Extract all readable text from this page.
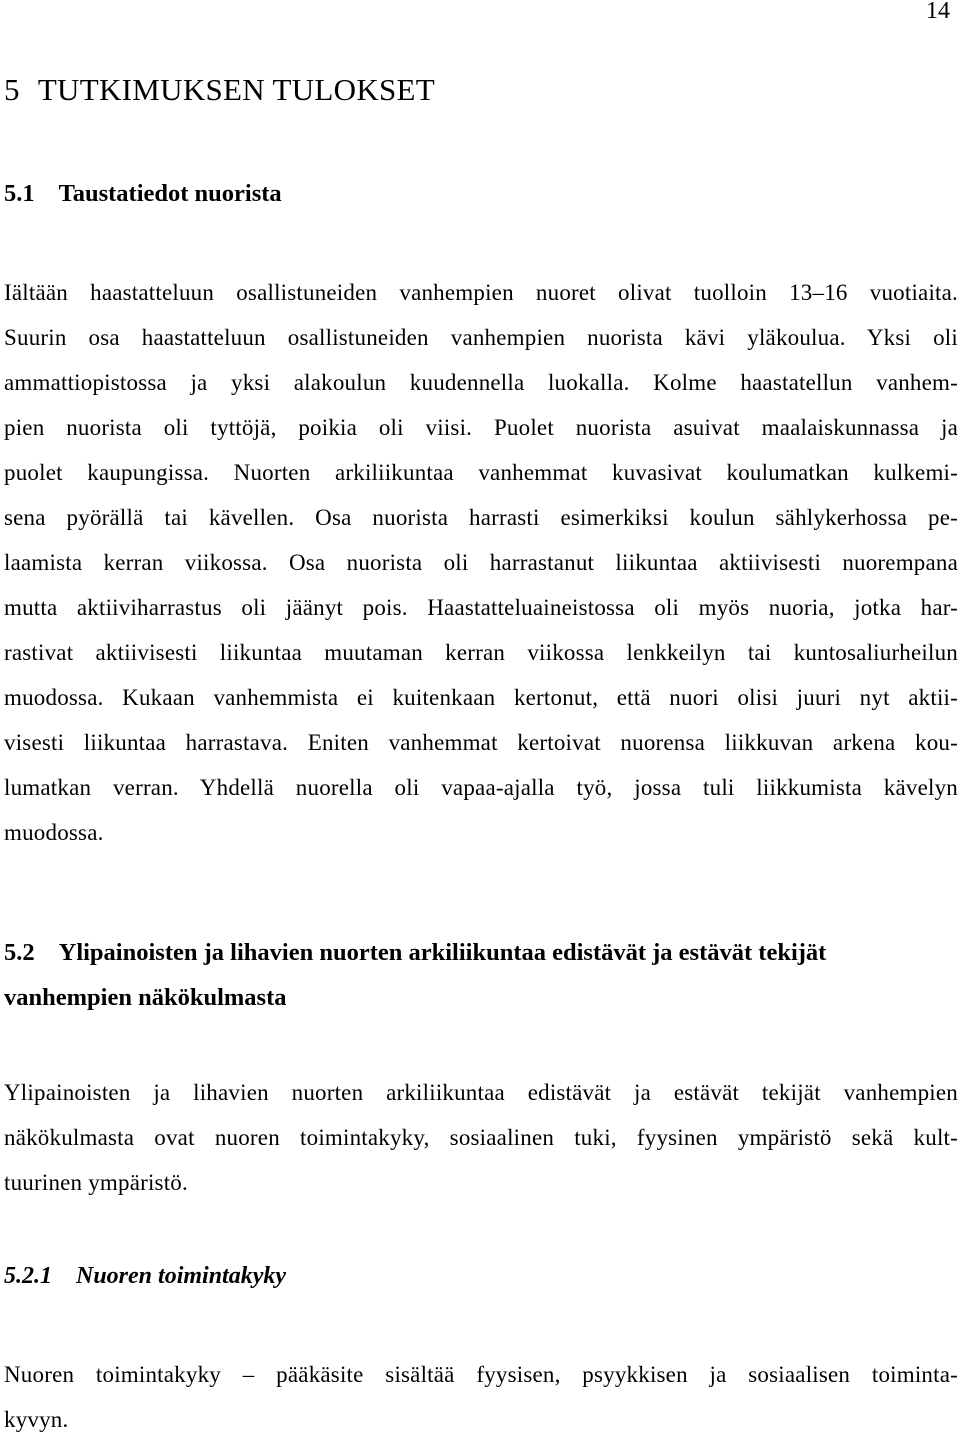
14
5 TUTKIMUKSEN TULOKSET
5.1 Taustatiedot nuorista
Iältään haastatteluun osallistuneiden vanhempien nuoret olivat tuolloin 13–16 vuotiaita.
Suurin osa haastatteluun osallistuneiden vanhempien nuorista kävi yläkoulua. Yksi oli
ammattiopistossa ja yksi alakoulun kuudennella luokalla. Kolme haastatellun vanhem-
pien nuorista oli tyttöjä, poikia oli viisi. Puolet nuorista asuivat maalaiskunnassa ja
puolet kaupungissa. Nuorten arkiliikuntaa vanhemmat kuvasivat koulumatkan kulkemi-
sena pyörällä tai kävellen. Osa nuorista harrasti esimerkiksi koulun sählykerhossa pe-
laamista kerran viikossa. Osa nuorista oli harrastanut liikuntaa aktiivisesti nuorempana
mutta aktiiviharrastus oli jäänyt pois. Haastatteluaineistossa oli myös nuoria, jotka har-
rastivat aktiivisesti liikuntaa muutaman kerran viikossa lenkkeilyn tai kuntosaliurheilun
muodossa. Kukaan vanhemmista ei kuitenkaan kertonut, että nuori olisi juuri nyt aktii-
visesti liikuntaa harrastava. Eniten vanhemmat kertoivat nuorensa liikkuvan arkena kou-
lumatkan verran. Yhdellä nuorella oli vapaa-ajalla työ, jossa tuli liikkumista kävelyn
muodossa.
5.2 Ylipainoisten ja lihavien nuorten arkiliikuntaa edistävät ja estävät tekijät
vanhempien näkökulmasta
Ylipainoisten ja lihavien nuorten arkiliikuntaa edistävät ja estävät tekijät vanhempien
näkökulmasta ovat nuoren toimintakyky, sosiaalinen tuki, fyysinen ympäristö sekä kult-
tuurinen ympäristö.
5.2.1 Nuoren toimintakyky
Nuoren toimintakyky – pääkäsite sisältää fyysisen, psyykkisen ja sosiaalisen toiminta-
kyvyn.
